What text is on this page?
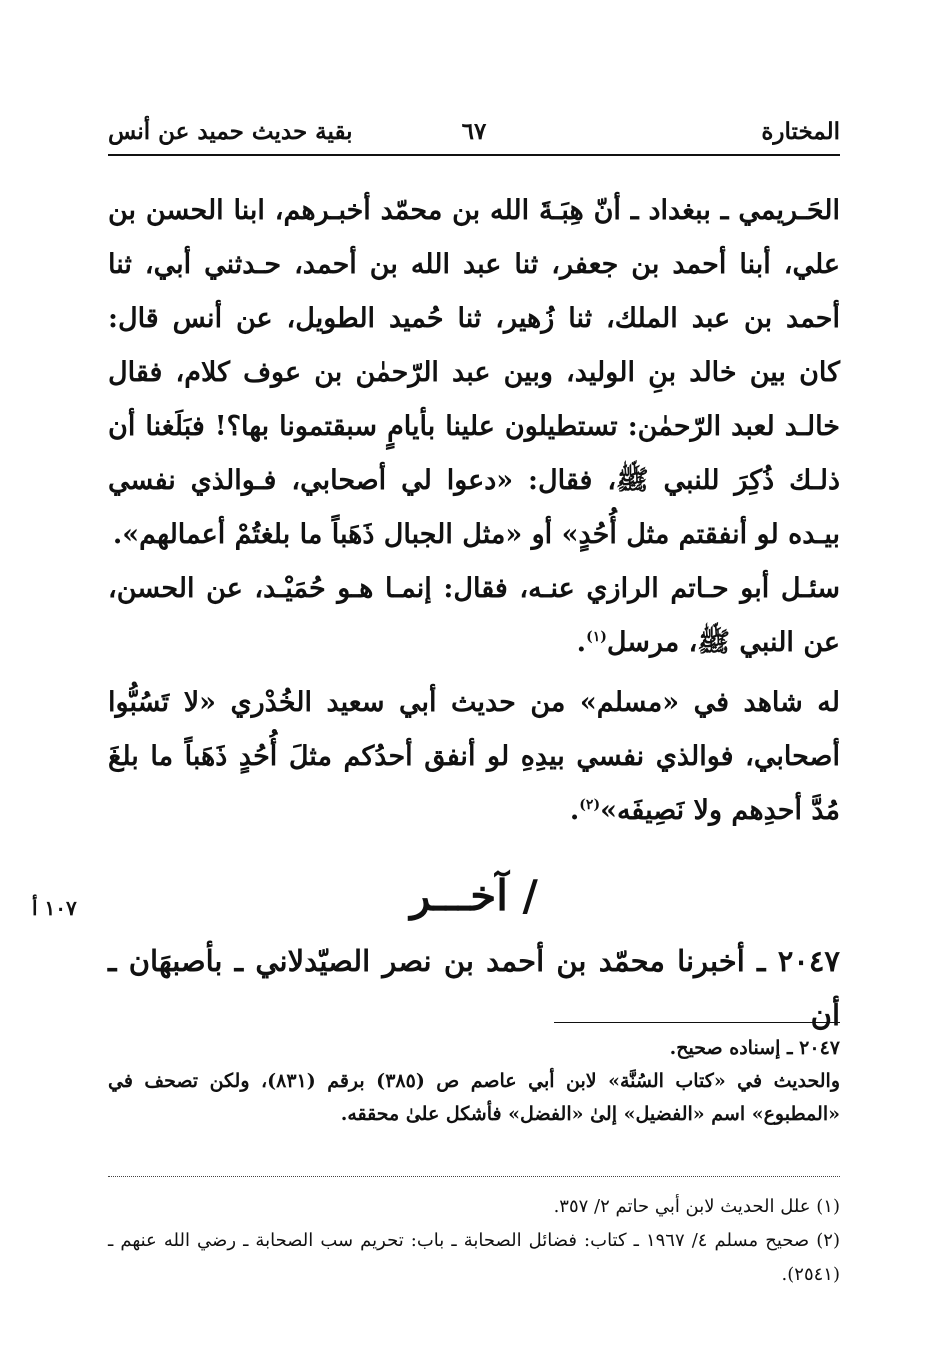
المختارة
٦٧
بقية حديث حميد عن أنس

الحَـريمي ـ ببغداد ـ أنّ هِبَـةَ الله بن محمّد أخبـرهم، ابنا الحسن بن علي، أبنا أحمد بن جعفر، ثنا عبد الله بن أحمد، حـدثني أبي، ثنا أحمد بن عبد الملك، ثنا زُهير، ثنا حُميد الطويل، عن أنس قال: كان بين خالد بنِ الوليد، وبين عبد الرّحمٰن بن عوف كلام، فقال خالـد لعبد الرّحمٰن: تستطيلون علينا بأيامٍ سبقتمونا بها؟! فبَلَغنا أن ذلـك ذُكِرَ للنبي ﷺ، فقال: «دعوا لي أصحابي، فـوالذي نفسي بيـده لو أنفقتم مثل أُحُدٍ» أو «مثل الجبال ذَهَباً ما بلغتُمْ أعمالهم».

سئـل أبو حـاتم الرازي عنـه، فقال: إنمـا هـو حُمَيْـد، عن الحسن، عن النبي ﷺ، مرسل$^{(١)}$.

له شاهد في «مسلم» من حديث أبي سعيد الخُدْري «لا تَسُبُّوا أصحابي، فوالذي نفسي بيدِهِ لو أنفق أحدُكم مثلَ أُحُدٍ ذَهَباً ما بلغَ مُدَّ أحدِهم ولا نَصِيفَه»$^{(٢)}$.

١٠٧ أ	/ آخـــر

٢٠٤٧ ـ أخبرنا محمّد بن أحمد بن نصر الصيّدلاني ـ بأصبهَان ـ أن

٢٠٤٧ ـ إسناده صحيح.

والحديث في «كتاب السُنَّة» لابن أبي عاصم ص (٣٨٥) برقم (٨٣١)، ولكن تصحف في «المطبوع» اسم «الفضيل» إلىٰ «الفضل» فأشكل علىٰ محققه.

(١) علل الحديث لابن أبي حاتم ٢/ ٣٥٧.

(٢) صحيح مسلم ٤/ ١٩٦٧ ـ كتاب: فضائل الصحابة ـ باب: تحريم سب الصحابة ـ رضي الله عنهم ـ (٢٥٤١).
